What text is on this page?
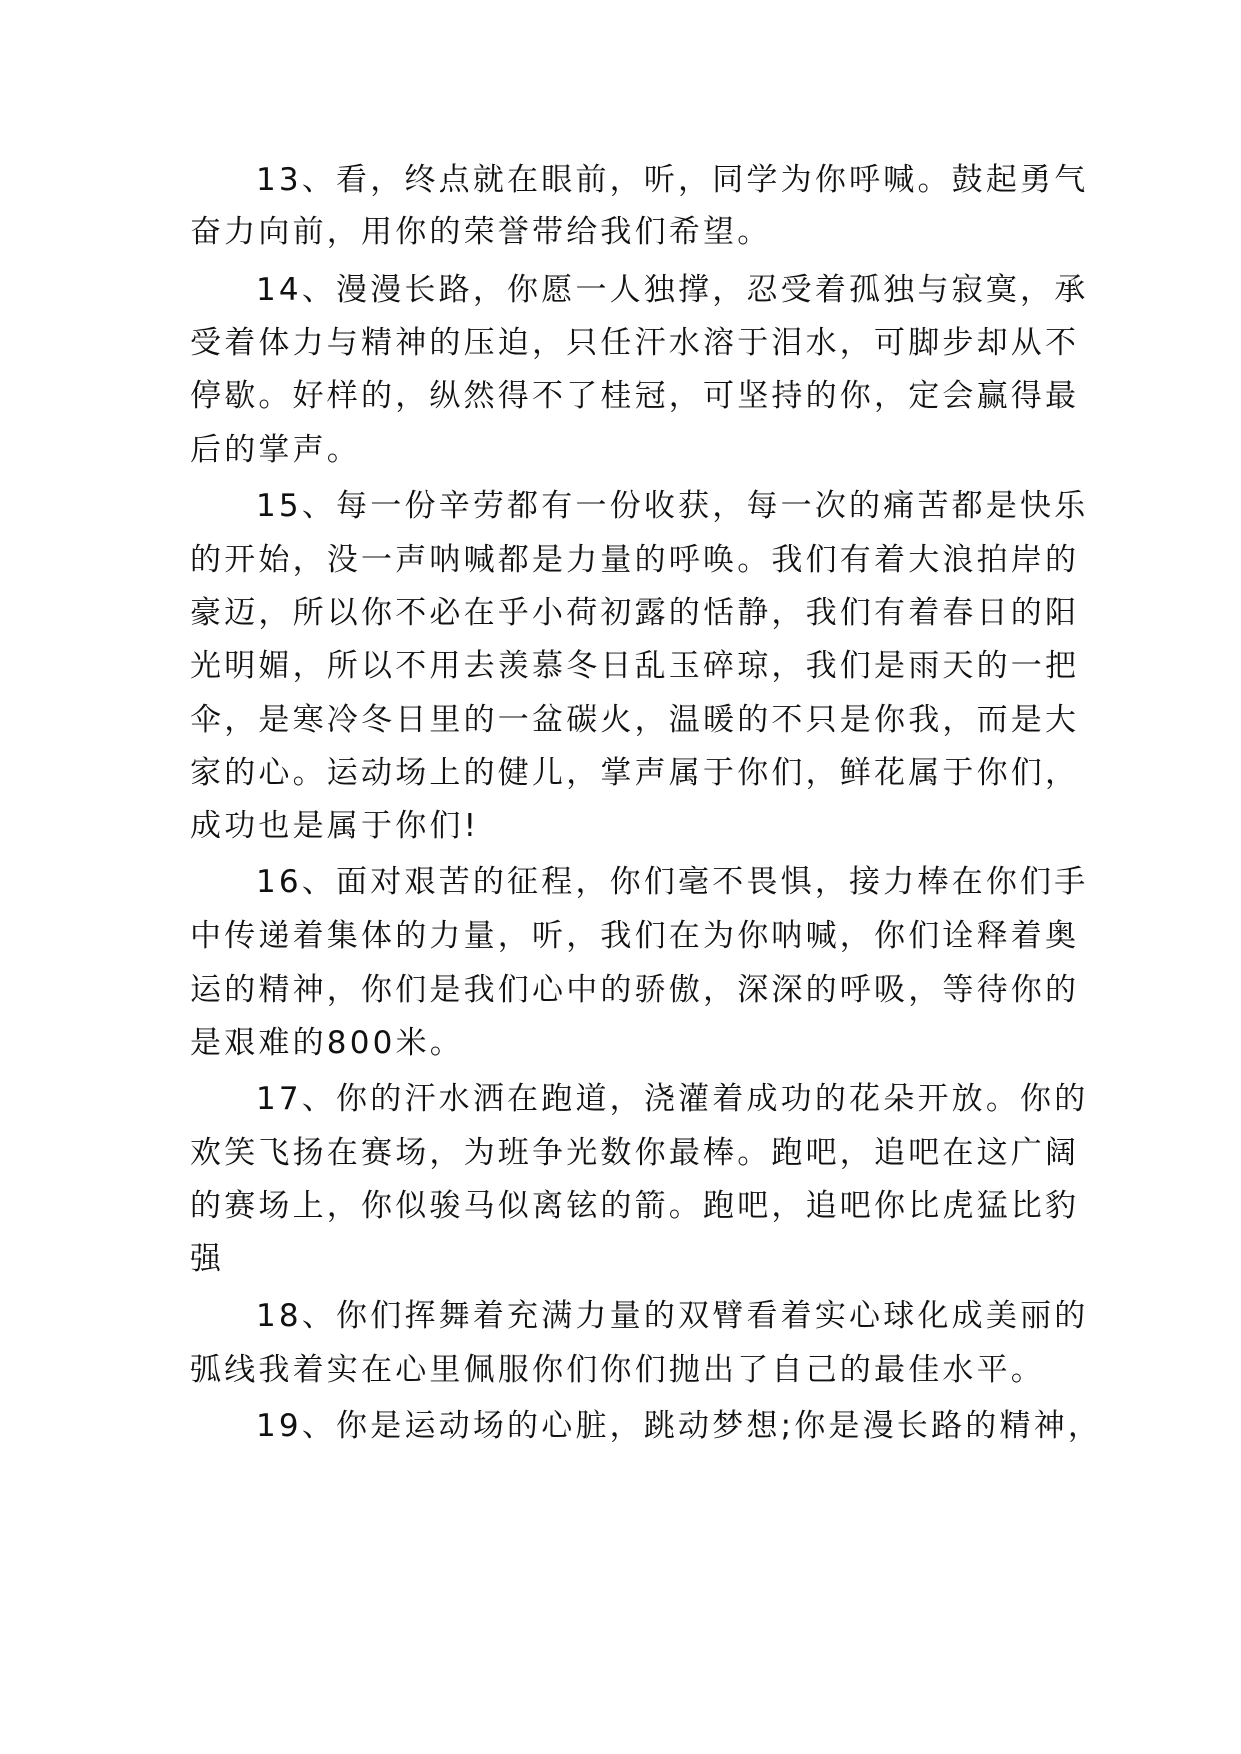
13、看，终点就在眼前，听，同学为你呼喊。鼓起勇气
奋力向前，用你的荣誉带给我们希望。
14、漫漫长路，你愿一人独撑，忍受着孤独与寂寞，承
受着体力与精神的压迫，只任汗水溶于泪水，可脚步却从不
停歇。好样的，纵然得不了桂冠，可坚持的你，定会赢得最
后的掌声。
15、每一份辛劳都有一份收获，每一次的痛苦都是快乐
的开始，没一声呐喊都是力量的呼唤。我们有着大浪拍岸的
豪迈，所以你不必在乎小荷初露的恬静，我们有着春日的阳
光明媚，所以不用去羡慕冬日乱玉碎琼，我们是雨天的一把
伞，是寒冷冬日里的一盆碳火，温暖的不只是你我，而是大
家的心。运动场上的健儿，掌声属于你们，鲜花属于你们，
成功也是属于你们!
16、面对艰苦的征程，你们毫不畏惧，接力棒在你们手
中传递着集体的力量，听，我们在为你呐喊，你们诠释着奥
运的精神，你们是我们心中的骄傲，深深的呼吸，等待你的
是艰难的800米。
17、你的汗水洒在跑道，浇灌着成功的花朵开放。你的
欢笑飞扬在赛场，为班争光数你最棒。跑吧，追吧在这广阔
的赛场上，你似骏马似离铉的箭。跑吧，追吧你比虎猛比豹
强
18、你们挥舞着充满力量的双臂看着实心球化成美丽的
弧线我着实在心里佩服你们你们抛出了自己的最佳水平。
19、你是运动场的心脏，跳动梦想;你是漫长路的精神，
